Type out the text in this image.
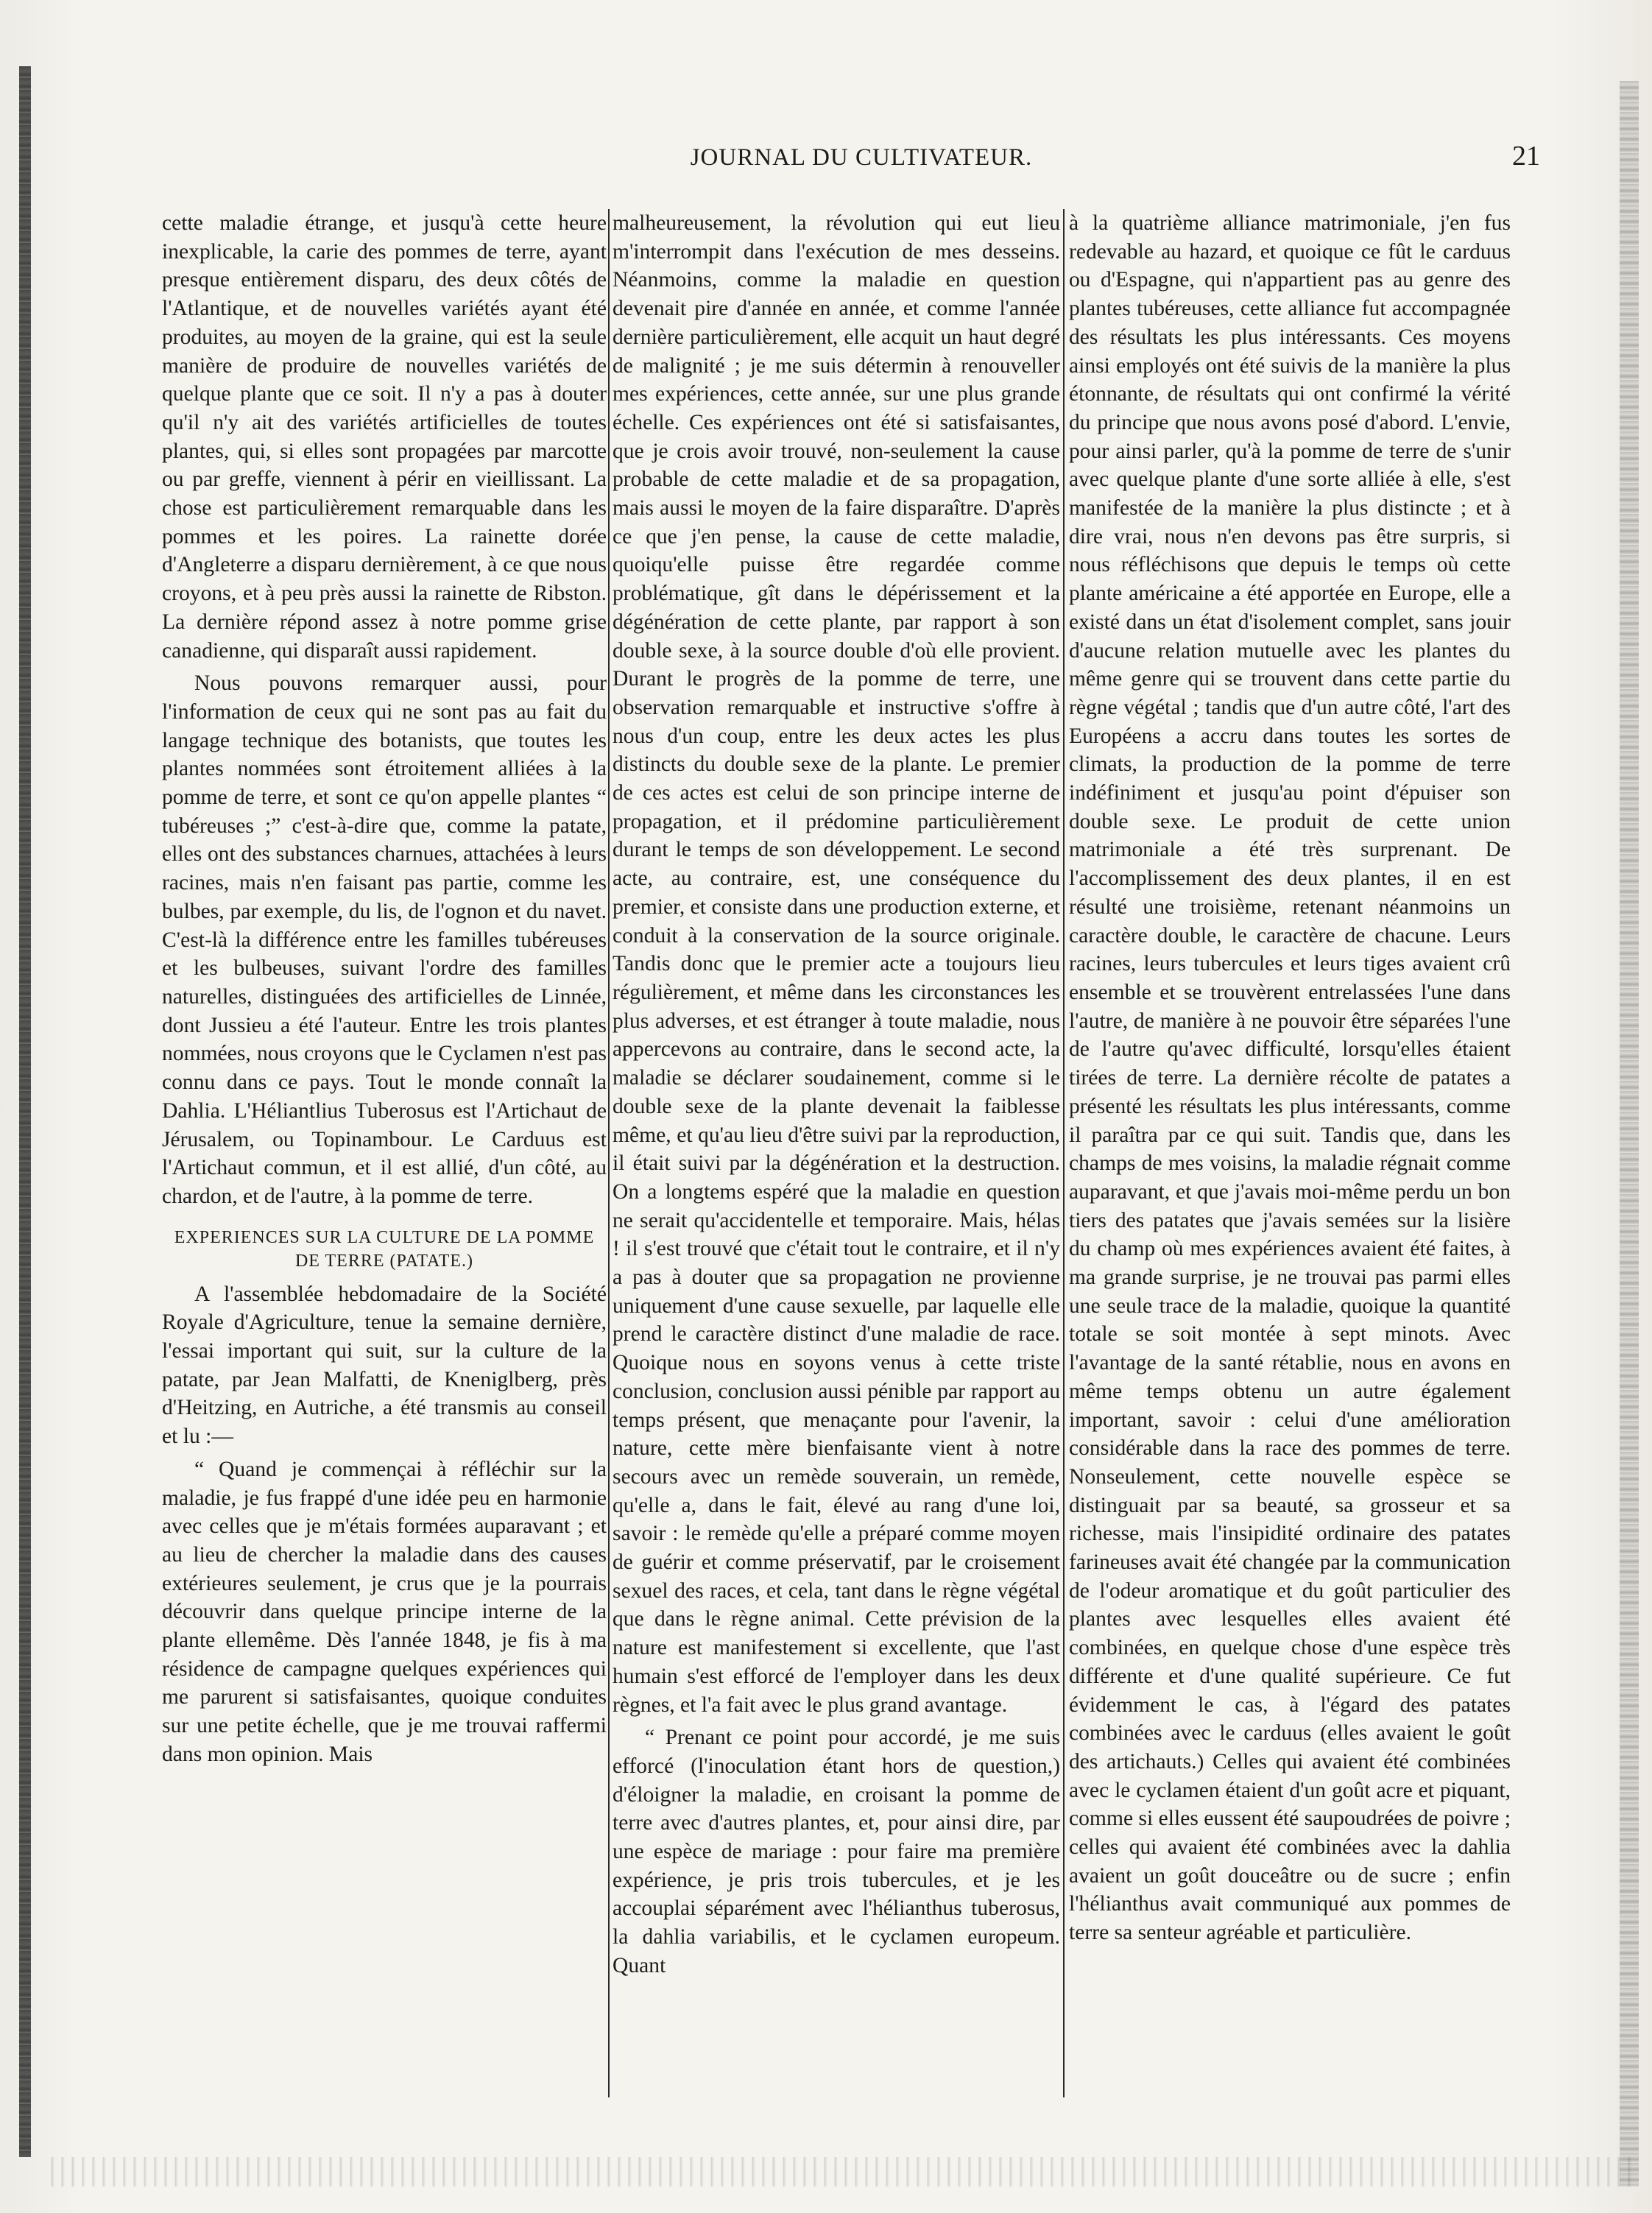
JOURNAL DU CULTIVATEUR.	21

cette maladie étrange, et jusqu'à cette heure inexplicable, la carie des pommes de terre, ayant presque entièrement disparu, des deux côtés de l'Atlantique, et de nouvelles variétés ayant été produites, au moyen de la graine, qui est la seule manière de produire de nouvelles variétés de quelque plante que ce soit. Il n'y a pas à douter qu'il n'y ait des variétés artificielles de toutes plantes, qui, si elles sont propagées par marcotte ou par greffe, viennent à périr en vieillissant. La chose est particulièrement remarquable dans les pommes et les poires. La rainette dorée d'Angleterre a disparu dernièrement, à ce que nous croyons, et à peu près aussi la rainette de Ribston. La dernière répond assez à notre pomme grise canadienne, qui disparaît aussi rapidement.

Nous pouvons remarquer aussi, pour l'information de ceux qui ne sont pas au fait du langage technique des botanists, que toutes les plantes nommées sont étroitement alliées à la pomme de terre, et sont ce qu'on appelle plantes “ tubéreuses ;” c'est-à-dire que, comme la patate, elles ont des substances charnues, attachées à leurs racines, mais n'en faisant pas partie, comme les bulbes, par exemple, du lis, de l'ognon et du navet. C'est-là la différence entre les familles tubéreuses et les bulbeuses, suivant l'ordre des familles naturelles, distinguées des artificielles de Linnée, dont Jussieu a été l'auteur. Entre les trois plantes nommées, nous croyons que le Cyclamen n'est pas connu dans ce pays. Tout le monde connaît la Dahlia. L'Héliantlius Tuberosus est l'Artichaut de Jérusalem, ou Topinambour. Le Carduus est l'Artichaut commun, et il est allié, d'un côté, au chardon, et de l'autre, à la pomme de terre.

EXPERIENCES SUR LA CULTURE DE LA POMME DE TERRE (PATATE.)

A l'assemblée hebdomadaire de la Société Royale d'Agriculture, tenue la semaine dernière, l'essai important qui suit, sur la culture de la patate, par Jean Malfatti, de Kneniglberg, près d'Heitzing, en Autriche, a été transmis au conseil et lu :—

“ Quand je commençai à réfléchir sur la maladie, je fus frappé d'une idée peu en harmonie avec celles que je m'étais formées auparavant ; et au lieu de chercher la maladie dans des causes extérieures seulement, je crus que je la pourrais découvrir dans quelque principe interne de la plante ellemême. Dès l'année 1848, je fis à ma résidence de campagne quelques expériences qui me parurent si satisfaisantes, quoique conduites sur une petite échelle, que je me trouvai raffermi dans mon opinion. Mais

malheureusement, la révolution qui eut lieu m'interrompit dans l'exécution de mes desseins. Néanmoins, comme la maladie en question devenait pire d'année en année, et comme l'année dernière particulièrement, elle acquit un haut degré de malignité ; je me suis détermin à renouveller mes expériences, cette année, sur une plus grande échelle. Ces expériences ont été si satisfaisantes, que je crois avoir trouvé, non-seulement la cause probable de cette maladie et de sa propagation, mais aussi le moyen de la faire disparaître. D'après ce que j'en pense, la cause de cette maladie, quoiqu'elle puisse être regardée comme problématique, gît dans le dépérissement et la dégénération de cette plante, par rapport à son double sexe, à la source double d'où elle provient. Durant le progrès de la pomme de terre, une observation remarquable et instructive s'offre à nous d'un coup, entre les deux actes les plus distincts du double sexe de la plante. Le premier de ces actes est celui de son principe interne de propagation, et il prédomine particulièrement durant le temps de son développement. Le second acte, au contraire, est, une conséquence du premier, et consiste dans une production externe, et conduit à la conservation de la source originale. Tandis donc que le premier acte a toujours lieu régulièrement, et même dans les circonstances les plus adverses, et est étranger à toute maladie, nous appercevons au contraire, dans le second acte, la maladie se déclarer soudainement, comme si le double sexe de la plante devenait la faiblesse même, et qu'au lieu d'être suivi par la reproduction, il était suivi par la dégénération et la destruction. On a longtems espéré que la maladie en question ne serait qu'accidentelle et temporaire. Mais, hélas ! il s'est trouvé que c'était tout le contraire, et il n'y a pas à douter que sa propagation ne provienne uniquement d'une cause sexuelle, par laquelle elle prend le caractère distinct d'une maladie de race. Quoique nous en soyons venus à cette triste conclusion, conclusion aussi pénible par rapport au temps présent, que menaçante pour l'avenir, la nature, cette mère bienfaisante vient à notre secours avec un remède souverain, un remède, qu'elle a, dans le fait, élevé au rang d'une loi, savoir : le remède qu'elle a préparé comme moyen de guérir et comme préservatif, par le croisement sexuel des races, et cela, tant dans le règne végétal que dans le règne animal. Cette prévision de la nature est manifestement si excellente, que l'ast humain s'est efforcé de l'employer dans les deux règnes, et l'a fait avec le plus grand avantage.

“ Prenant ce point pour accordé, je me suis efforcé (l'inoculation étant hors de question,) d'éloigner la maladie, en croisant la pomme de terre avec d'autres plantes, et, pour ainsi dire, par une espèce de mariage : pour faire ma première expérience, je pris trois tubercules, et je les accouplai séparément avec l'hélianthus tuberosus, la dahlia variabilis, et le cyclamen europeum. Quant

à la quatrième alliance matrimoniale, j'en fus redevable au hazard, et quoique ce fût le carduus ou d'Espagne, qui n'appartient pas au genre des plantes tubéreuses, cette alliance fut accompagnée des résultats les plus intéressants. Ces moyens ainsi employés ont été suivis de la manière la plus étonnante, de résultats qui ont confirmé la vérité du principe que nous avons posé d'abord. L'envie, pour ainsi parler, qu'à la pomme de terre de s'unir avec quelque plante d'une sorte alliée à elle, s'est manifestée de la manière la plus distincte ; et à dire vrai, nous n'en devons pas être surpris, si nous réfléchisons que depuis le temps où cette plante américaine a été apportée en Europe, elle a existé dans un état d'isolement complet, sans jouir d'aucune relation mutuelle avec les plantes du même genre qui se trouvent dans cette partie du règne végétal ; tandis que d'un autre côté, l'art des Européens a accru dans toutes les sortes de climats, la production de la pomme de terre indéfiniment et jusqu'au point d'épuiser son double sexe. Le produit de cette union matrimoniale a été très surprenant. De l'accomplissement des deux plantes, il en est résulté une troisième, retenant néanmoins un caractère double, le caractère de chacune. Leurs racines, leurs tubercules et leurs tiges avaient crû ensemble et se trouvèrent entrelassées l'une dans l'autre, de manière à ne pouvoir être séparées l'une de l'autre qu'avec difficulté, lorsqu'elles étaient tirées de terre. La dernière récolte de patates a présenté les résultats les plus intéressants, comme il paraîtra par ce qui suit. Tandis que, dans les champs de mes voisins, la maladie régnait comme auparavant, et que j'avais moi-même perdu un bon tiers des patates que j'avais semées sur la lisière du champ où mes expériences avaient été faites, à ma grande surprise, je ne trouvai pas parmi elles une seule trace de la maladie, quoique la quantité totale se soit montée à sept minots. Avec l'avantage de la santé rétablie, nous en avons en même temps obtenu un autre également important, savoir : celui d'une amélioration considérable dans la race des pommes de terre. Nonseulement, cette nouvelle espèce se distinguait par sa beauté, sa grosseur et sa richesse, mais l'insipidité ordinaire des patates farineuses avait été changée par la communication de l'odeur aromatique et du goût particulier des plantes avec lesquelles elles avaient été combinées, en quelque chose d'une espèce très différente et d'une qualité supérieure. Ce fut évidemment le cas, à l'égard des patates combinées avec le carduus (elles avaient le goût des artichauts.) Celles qui avaient été combinées avec le cyclamen étaient d'un goût acre et piquant, comme si elles eussent été saupoudrées de poivre ; celles qui avaient été combinées avec la dahlia avaient un goût douceâtre ou de sucre ; enfin l'hélianthus avait communiqué aux pommes de terre sa senteur agréable et particulière.
